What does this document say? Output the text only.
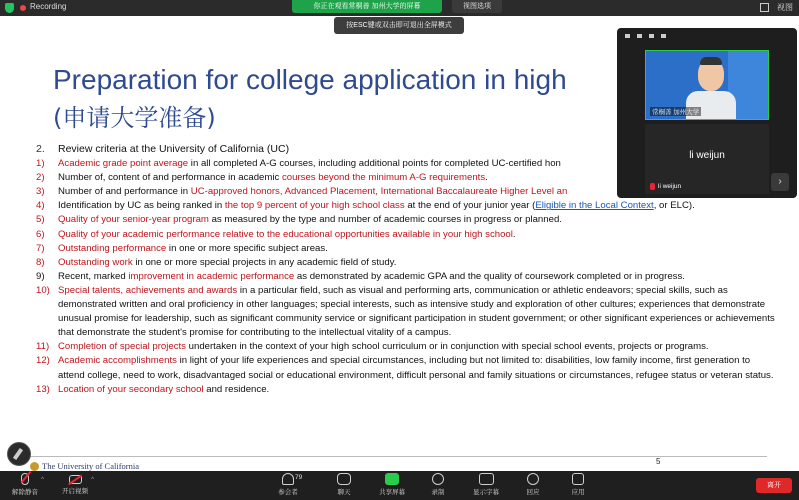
Recording	你正在观看常桐善 加州大学的屏幕	视图选项	视图
按ESC键或双击即可退出全屏模式
Preparation for college application in high
(申请大学准备)
2.	Review criteria at the University of California (UC)
1)	Academic grade point average in all completed A-G courses, including additional points for completed UC-certified hon
2)	Number of, content of and performance in academic courses beyond the minimum A-G requirements.
3)	Number of and performance in UC-approved honors, Advanced Placement, International Baccalaureate Higher Level an
4)	Identification by UC as being ranked in the top 9 percent of your high school class at the end of your junior year (Eligible in the Local Context, or ELC).
5)	Quality of your senior-year program as measured by the type and number of academic courses in progress or planned.
6)	Quality of your academic performance relative to the educational opportunities available in your high school.
7)	Outstanding performance in one or more specific subject areas.
8)	Outstanding work in one or more special projects in any academic field of study.
9)	Recent, marked improvement in academic performance as demonstrated by academic GPA and the quality of coursework completed or in progress.
10) Special talents, achievements and awards in a particular field, such as visual and performing arts, communication or athletic endeavors; special skills, such as demonstrated written and oral proficiency in other languages; special interests, such as intensive study and exploration of other cultures; experiences that demonstrate unusual promise for leadership, such as significant community service or significant participation in student government; or other significant experiences or achievements that demonstrate the student's promise for contributing to the intellectual vitality of a campus.
11) Completion of special projects undertaken in the context of your high school curriculum or in conjunction with special school events, projects or programs.
12) Academic accomplishments in light of your life experiences and special circumstances, including but not limited to: disabilities, low family income, first generation to attend college, need to work, disadvantaged social or educational environment, difficult personal and family situations or circumstances, refugee status or veteran status.
13) Location of your secondary school and residence.
5
The University of California
常桐善 加州大学
li weijun
li weijun	›
^
解除静音
^
开启视频
79
参会者	聊天	共享屏幕	录制	显示字幕	回应	应用
离开
